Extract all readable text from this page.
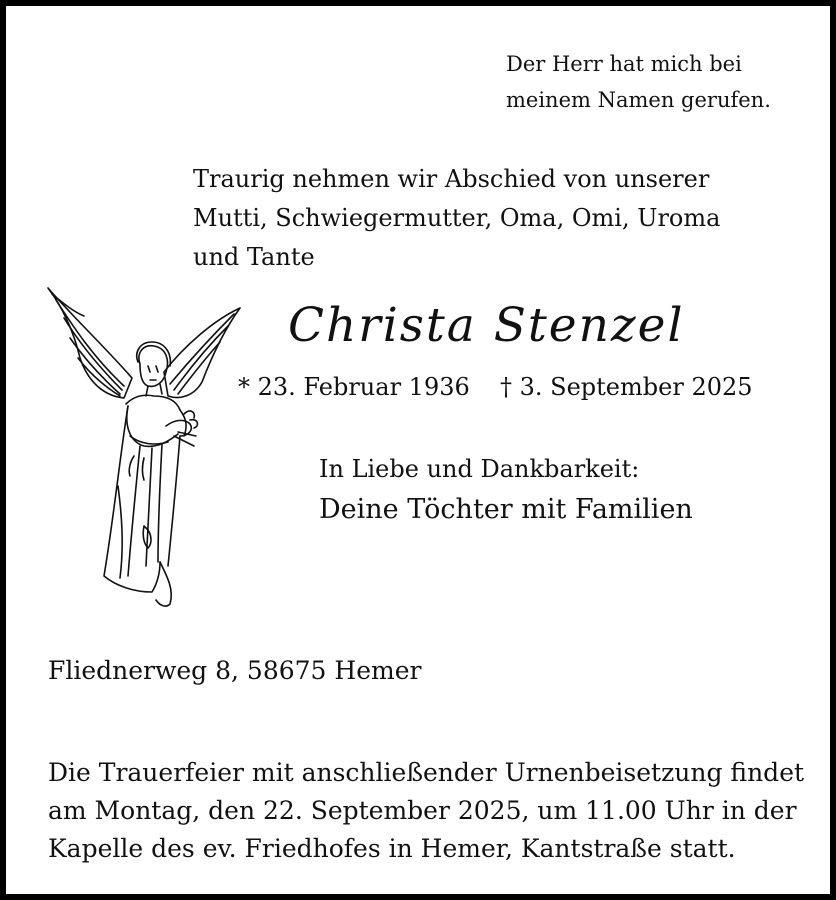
Der Herr hat mich bei
meinem Namen gerufen.
Traurig nehmen wir Abschied von unserer
Mutti, Schwiegermutter, Oma, Omi, Uroma
und Tante
Christa Stenzel
* 23. Februar 1936 † 3. September 2025
In Liebe und Dankbarkeit:
Deine Töchter mit Familien
Fliednerweg 8, 58675 Hemer
Die Trauerfeier mit anschließender Urnenbeisetzung findet
am Montag, den 22. September 2025, um 11.00 Uhr in der
Kapelle des ev. Friedhofes in Hemer, Kantstraße statt.
